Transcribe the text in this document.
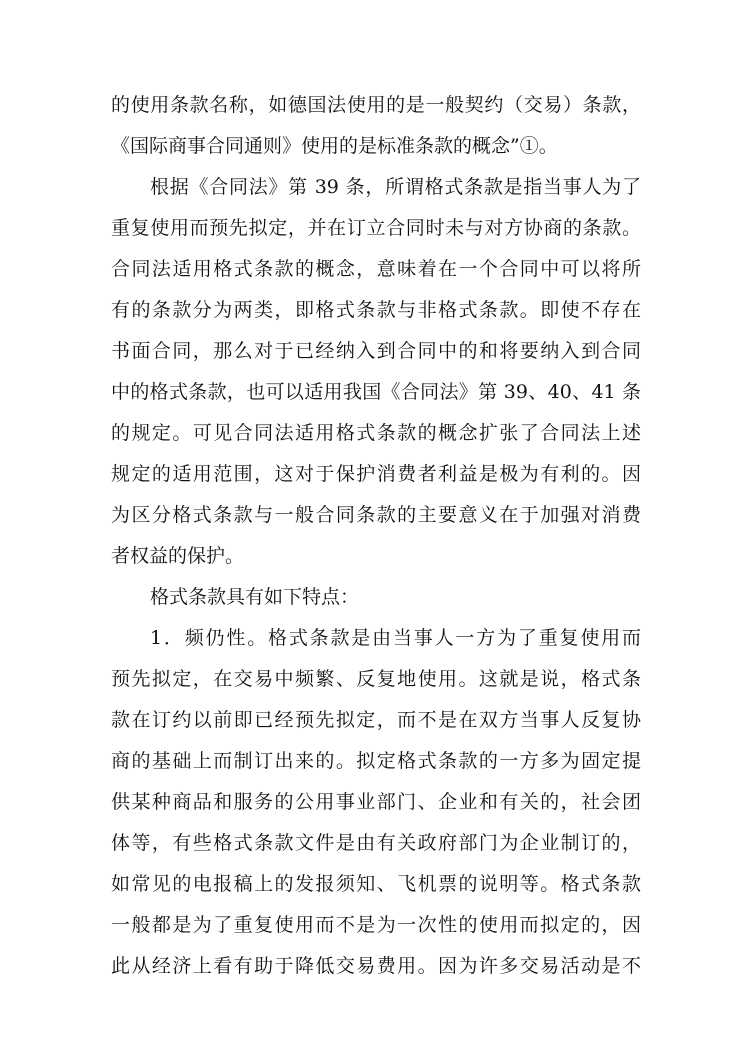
的使用条款名称，如德国法使用的是一般契约（交易）条款，
《国际商事合同通则》使用的是标准条款的概念”①。
根据《合同法》第 39 条，所谓格式条款是指当事人为了
重复使用而预先拟定，并在订立合同时未与对方协商的条款。
合同法适用格式条款的概念，意味着在一个合同中可以将所
有的条款分为两类，即格式条款与非格式条款。即使不存在
书面合同，那么对于已经纳入到合同中的和将要纳入到合同
中的格式条款，也可以适用我国《合同法》第 39、40、41 条
的规定。可见合同法适用格式条款的概念扩张了合同法上述
规定的适用范围，这对于保护消费者利益是极为有利的。因
为区分格式条款与一般合同条款的主要意义在于加强对消费
者权益的保护。
格式条款具有如下特点：
1．频仍性。格式条款是由当事人一方为了重复使用而
预先拟定，在交易中频繁、反复地使用。这就是说，格式条
款在订约以前即已经预先拟定，而不是在双方当事人反复协
商的基础上而制订出来的。拟定格式条款的一方多为固定提
供某种商品和服务的公用事业部门、企业和有关的，社会团
体等，有些格式条款文件是由有关政府部门为企业制订的，
如常见的电报稿上的发报须知、飞机票的说明等。格式条款
一般都是为了重复使用而不是为一次性的使用而拟定的，因
此从经济上看有助于降低交易费用。因为许多交易活动是不
